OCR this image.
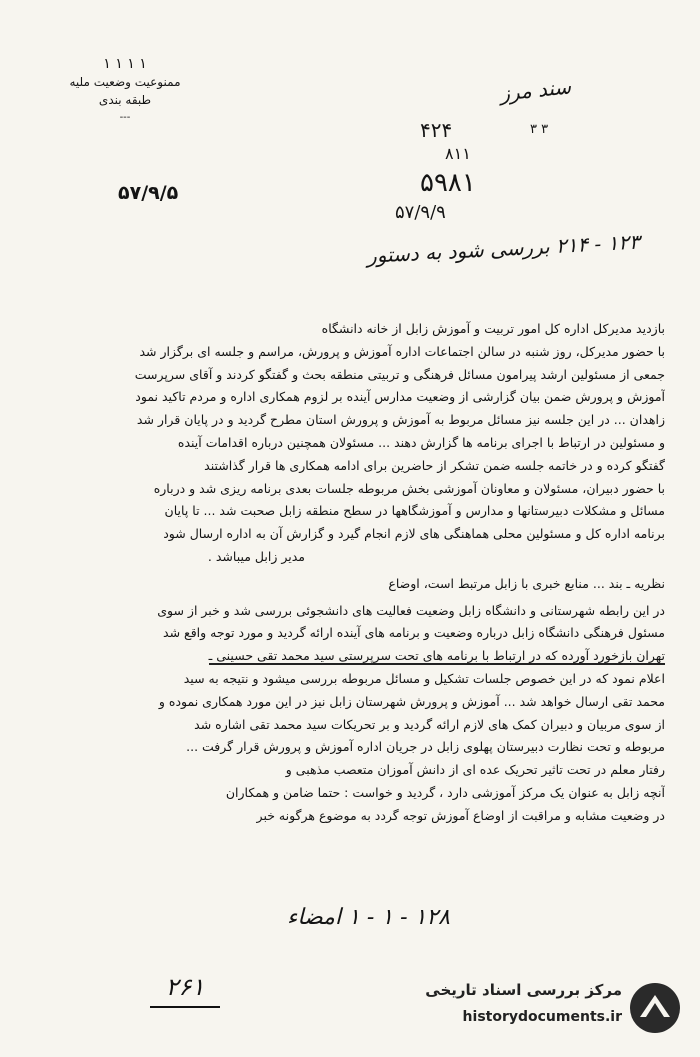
۱ ۱ ۱ ۱
ممنوعیت وضعیت ملیه
طبقه بندی
---
سند مرز
۴۲۴	۳ ۳
۸۱۱
۵۹۸۱
۵۷/۹/۹
۵۷/۹/۵
۱۲۳ - ۲۱۴ بررسی شود به دستور
بازدید مدیرکل اداره کل امور تربیت و آموزش زابل از خانه دانشگاه
با حضور مدیرکل، روز شنبه در سالن اجتماعات اداره آموزش و پرورش، مراسم و جلسه ای برگزار شد
جمعی از مسئولین ارشد پیرامون مسائل فرهنگی و تربیتی منطقه بحث و گفتگو کردند و آقای سرپرست
آموزش و پرورش ضمن بیان گزارشی از وضعیت مدارس آینده بر لزوم همکاری اداره و مردم تاکید نمود
زاهدان ... در این جلسه نیز مسائل مربوط به آموزش و پرورش استان مطرح گردید و در پایان قرار شد
و مسئولین در ارتباط با اجرای برنامه ها گزارش دهند ... مسئولان همچنین درباره اقدامات آینده
گفتگو کرده و در خاتمه جلسه ضمن تشکر از حاضرین برای ادامه همکاری ها قرار گذاشتند
با حضور دبیران، مسئولان و معاونان آموزشی بخش مربوطه جلسات بعدی برنامه ریزی شد و درباره
مسائل و مشکلات دبیرستانها و مدارس و آموزشگاهها در سطح منطقه زابل صحبت شد ... تا پایان
برنامه اداره کل و مسئولین محلی هماهنگی های لازم انجام گیرد و گزارش آن به اداره ارسال شود
مدیر زابل میباشد .
نظریه ـ بند ... منابع خبری با زابل مرتبط است، اوضاع
در این رابطه شهرستانی و دانشگاه زابل وضعیت فعالیت های دانشجوئی بررسی شد و خبر از سوی
مسئول فرهنگی دانشگاه زابل درباره وضعیت و برنامه های آینده ارائه گردید و مورد توجه واقع شد
تهران بازخورد آورده که در ارتباط با برنامه های تحت سرپرستی سید محمد تقی حسینی ـ
اعلام نمود که در این خصوص جلسات تشکیل و مسائل مربوطه بررسی میشود و نتیجه به سید
محمد تقی ارسال خواهد شد ... آموزش و پرورش شهرستان زابل نیز در این مورد همکاری نموده و
از سوی مربیان و دبیران کمک های لازم ارائه گردید و بر تحریکات سید محمد تقی اشاره شد
مربوطه و تحت نظارت دبیرستان پهلوی زابل در جریان اداره آموزش و پرورش قرار گرفت ...
رفتار معلم در تحت تاثیر تحریک عده ای از دانش آموزان متعصب مذهبی و
آنچه زابل به عنوان یک مرکز آموزشی دارد ، گردید و خواست : حتما ضامن و همکاران
در وضعیت مشابه و مراقبت از اوضاع آموزش توجه گردد به موضوع هرگونه خبر
۱۲۸ - ۱ - ۱ امضاء
۲۶۱	مرکز بررسی اسناد تاریخی
historydocuments.ir
